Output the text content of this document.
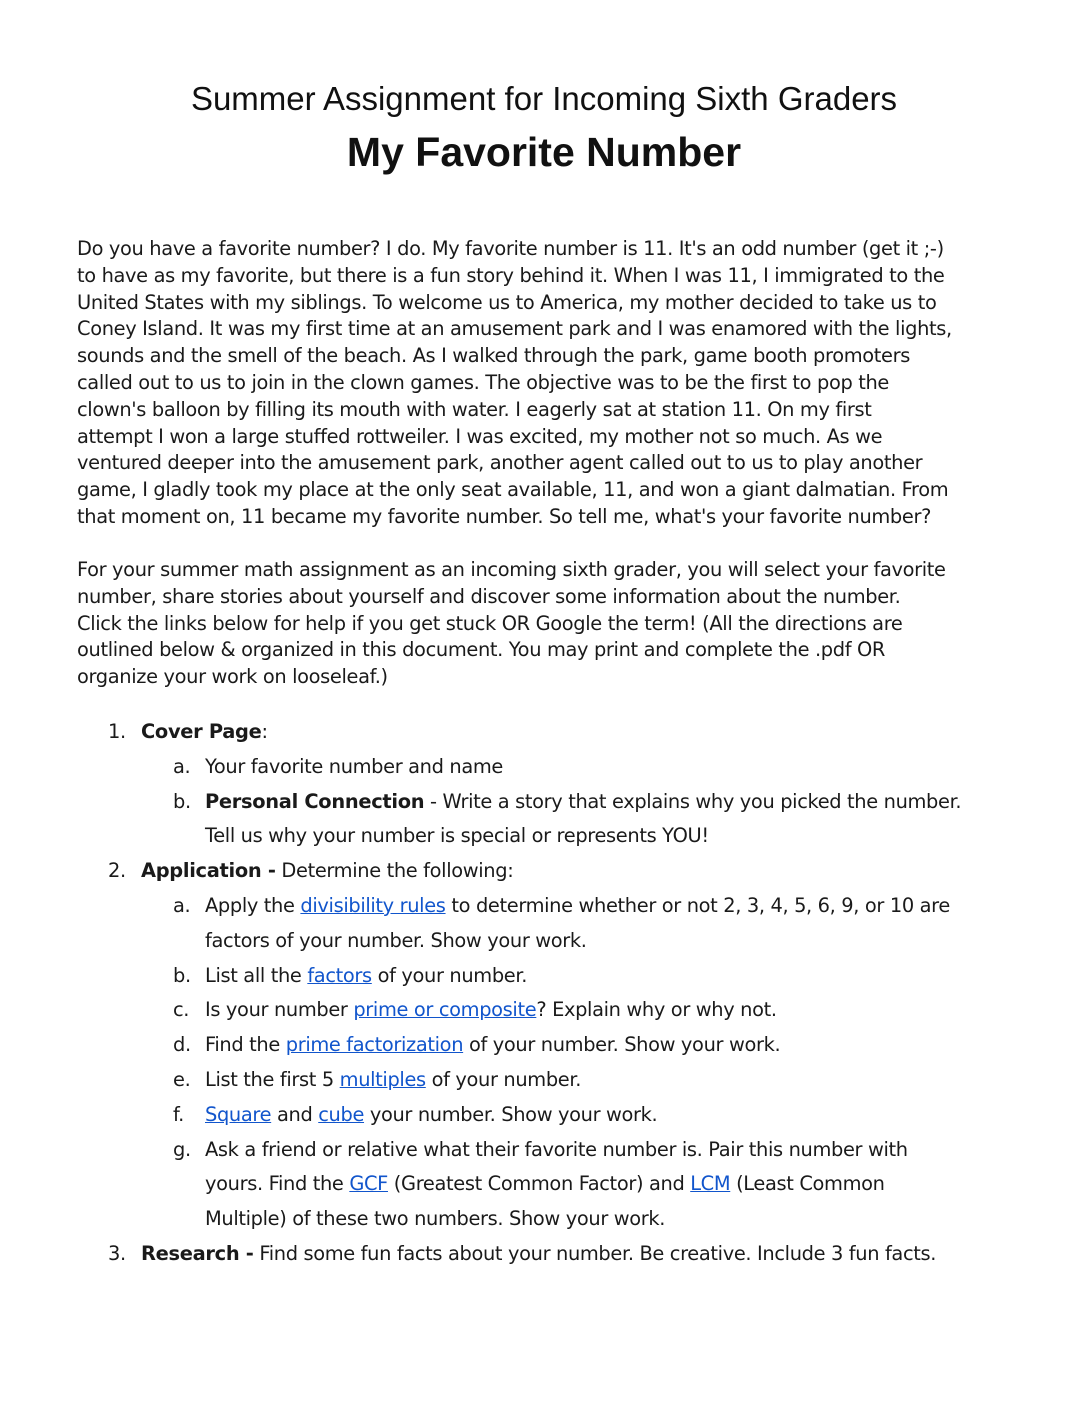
Summer Assignment for Incoming Sixth Graders
My Favorite Number
Do you have a favorite number? I do. My favorite number is 11. It's an odd number (get it ;-)
to have as my favorite, but there is a fun story behind it. When I was 11, I immigrated to the
United States with my siblings. To welcome us to America, my mother decided to take us to
Coney Island. It was my first time at an amusement park and I was enamored with the lights,
sounds and the smell of the beach. As I walked through the park, game booth promoters
called out to us to join in the clown games. The objective was to be the first to pop the
clown's balloon by filling its mouth with water. I eagerly sat at station 11. On my first
attempt I won a large stuffed rottweiler. I was excited, my mother not so much. As we
ventured deeper into the amusement park, another agent called out to us to play another
game, I gladly took my place at the only seat available, 11, and won a giant dalmatian. From
that moment on, 11 became my favorite number. So tell me, what's your favorite number?
For your summer math assignment as an incoming sixth grader, you will select your favorite
number, share stories about yourself and discover some information about the number.
Click the links below for help if you get stuck OR Google the term! (All the directions are
outlined below & organized in this document. You may print and complete the .pdf OR
organize your work on looseleaf.)
1. Cover Page:
a. Your favorite number and name
b. Personal Connection - Write a story that explains why you picked the number.
Tell us why your number is special or represents YOU!
2. Application - Determine the following:
a. Apply the divisibility rules to determine whether or not 2, 3, 4, 5, 6, 9, or 10 are
factors of your number. Show your work.
b. List all the factors of your number.
c. Is your number prime or composite? Explain why or why not.
d. Find the prime factorization of your number. Show your work.
e. List the first 5 multiples of your number.
f. Square and cube your number. Show your work.
g. Ask a friend or relative what their favorite number is. Pair this number with
yours. Find the GCF (Greatest Common Factor) and LCM (Least Common
Multiple) of these two numbers. Show your work.
3. Research - Find some fun facts about your number. Be creative. Include 3 fun facts.
